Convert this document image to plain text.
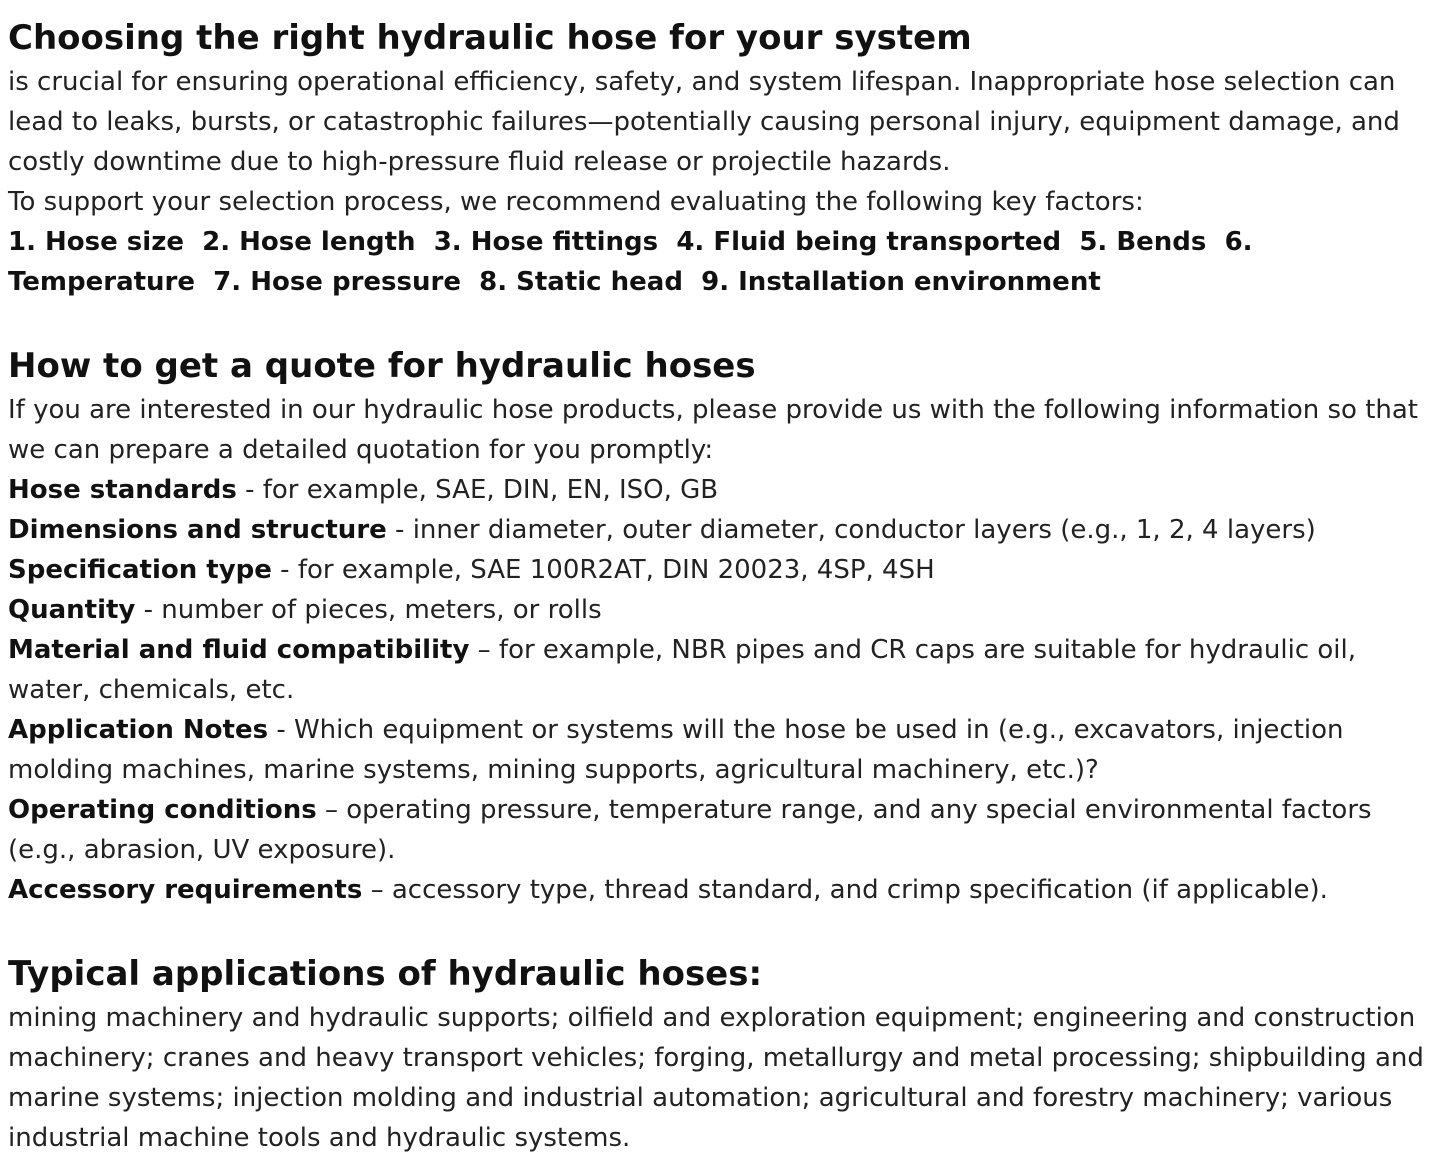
Choosing the right hydraulic hose for your system

is crucial for ensuring operational efficiency, safety, and system lifespan. Inappropriate hose selection can lead to leaks, bursts, or catastrophic failures—potentially causing personal injury, equipment damage, and costly downtime due to high-pressure fluid release or projectile hazards.

To support your selection process, we recommend evaluating the following key factors:

1. Hose size 2. Hose length 3. Hose fittings 4. Fluid being transported 5. Bends 6. Temperature 7. Hose pressure 8. Static head 9. Installation environment

How to get a quote for hydraulic hoses

If you are interested in our hydraulic hose products, please provide us with the following information so that we can prepare a detailed quotation for you promptly:

Hose standards - for example, SAE, DIN, EN, ISO, GB

Dimensions and structure - inner diameter, outer diameter, conductor layers (e.g., 1, 2, 4 layers)

Specification type - for example, SAE 100R2AT, DIN 20023, 4SP, 4SH

Quantity - number of pieces, meters, or rolls

Material and fluid compatibility – for example, NBR pipes and CR caps are suitable for hydraulic oil, water, chemicals, etc.

Application Notes - Which equipment or systems will the hose be used in (e.g., excavators, injection molding machines, marine systems, mining supports, agricultural machinery, etc.)?

Operating conditions – operating pressure, temperature range, and any special environmental factors (e.g., abrasion, UV exposure).

Accessory requirements – accessory type, thread standard, and crimp specification (if applicable).

Typical applications of hydraulic hoses:

mining machinery and hydraulic supports; oilfield and exploration equipment; engineering and construction machinery; cranes and heavy transport vehicles; forging, metallurgy and metal processing; shipbuilding and marine systems; injection molding and industrial automation; agricultural and forestry machinery; various industrial machine tools and hydraulic systems.
